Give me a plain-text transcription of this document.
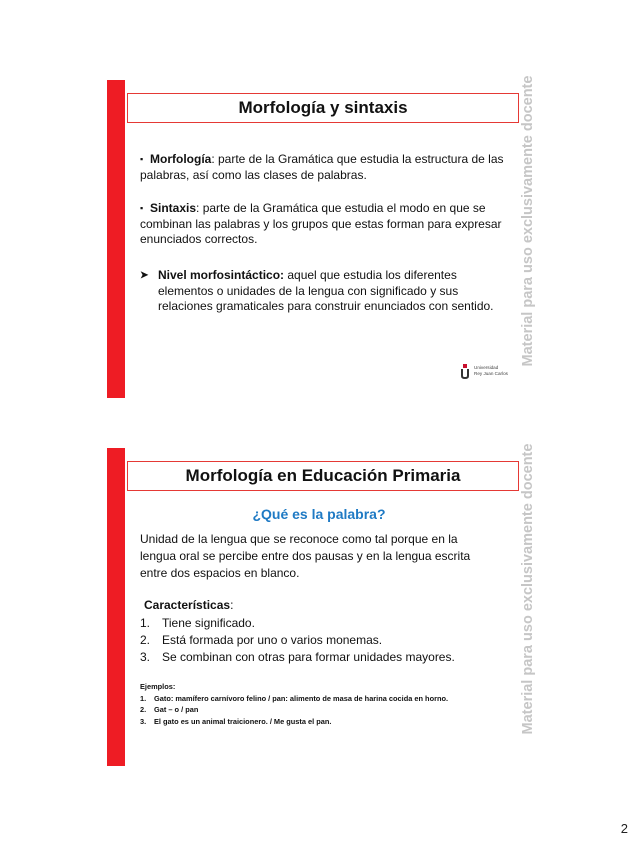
Morfología y sintaxis
▪ Morfología: parte de la Gramática que estudia la estructura de las palabras, así como las clases de palabras.
▪ Sintaxis: parte de la Gramática que estudia el modo en que se combinan las palabras y los grupos que estas forman para expresar enunciados correctos.
➤ Nivel morfosintáctico: aquel que estudia los diferentes elementos o unidades de la lengua con significado y sus relaciones gramaticales para construir enunciados con sentido.
Universidad
Rey Juan Carlos
Material para uso exclusivamente docente
Morfología en Educación Primaria
¿Qué es la palabra?
Unidad de la lengua que se reconoce como tal porque en la lengua oral se percibe entre dos pausas y en la lengua escrita entre dos espacios en blanco.
Características:
1. Tiene significado.
2. Está formada por uno o varios monemas.
3. Se combinan con otras para formar unidades mayores.
Ejemplos:
1.	Gato: mamífero carnívoro felino / pan: alimento de masa de harina cocida en horno.
2.	Gat – o / pan
3.	El gato es un animal traicionero. / Me gusta el pan.	Material para uso exclusivamente docente
2
